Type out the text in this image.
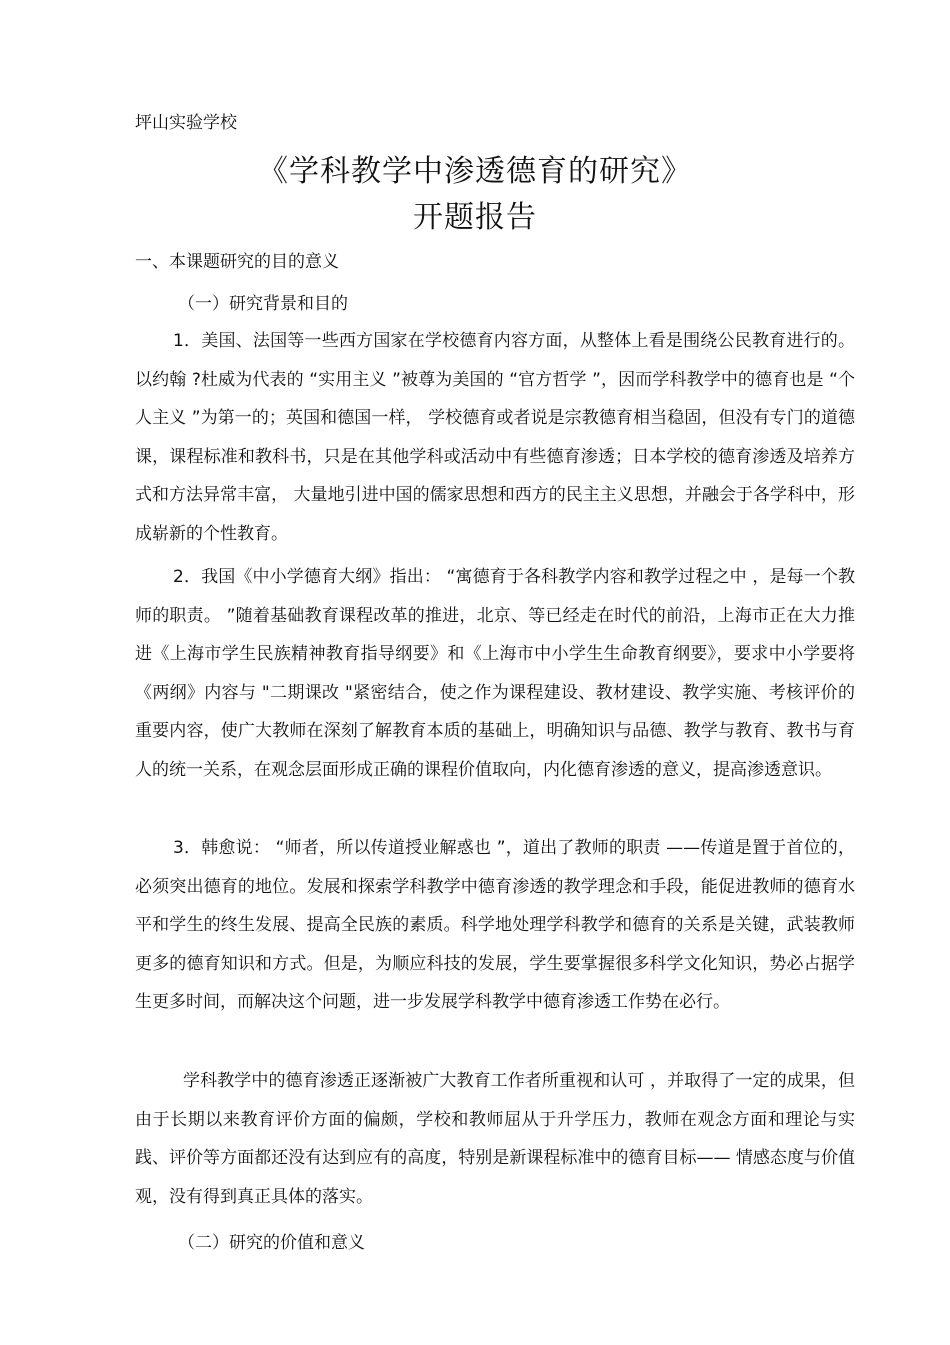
坪山实验学校
《学科教学中渗透德育的研究》
开题报告
一、本课题研究的目的意义
（一）研究背景和目的

1．美国、法国等一些西方国家在学校德育内容方面，从整体上看是围绕公民教育进行的。以约翰 ?杜威为代表的 “实用主义 ”被尊为美国的 “官方哲学 ”，因而学科教学中的德育也是 “个人主义 ”为第一的；英国和德国一样， 学校德育或者说是宗教德育相当稳固，但没有专门的道德课，课程标准和教科书，只是在其他学科或活动中有些德育渗透；日本学校的德育渗透及培养方式和方法异常丰富， 大量地引进中国的儒家思想和西方的民主主义思想，并融会于各学科中，形成崭新的个性教育。

2．我国《中小学德育大纲》指出： “寓德育于各科教学内容和教学过程之中 ，是每一个教师的职责。 ”随着基础教育课程改革的推进，北京、等已经走在时代的前沿，上海市正在大力推进《上海市学生民族精神教育指导纲要》和《上海市中小学生生命教育纲要》，要求中小学要将《两纲》内容与 "二期课改 "紧密结合，使之作为课程建设、教材建设、教学实施、考核评价的重要内容，使广大教师在深刻了解教育本质的基础上，明确知识与品德、教学与教育、教书与育人的统一关系，在观念层面形成正确的课程价值取向，内化德育渗透的意义，提高渗透意识。

3．韩愈说： “师者，所以传道授业解惑也 ”，道出了教师的职责 ——传道是置于首位的，必须突出德育的地位。发展和探索学科教学中德育渗透的教学理念和手段，能促进教师的德育水平和学生的终生发展、提高全民族的素质。科学地处理学科教学和德育的关系是关键，武装教师更多的德育知识和方式。但是，为顺应科技的发展，学生要掌握很多科学文化知识，势必占据学生更多时间，而解决这个问题，进一步发展学科教学中德育渗透工作势在必行。

学科教学中的德育渗透正逐渐被广大教育工作者所重视和认可 ，并取得了一定的成果，但由于长期以来教育评价方面的偏颇，学校和教师屈从于升学压力，教师在观念方面和理论与实践、评价等方面都还没有达到应有的高度，特别是新课程标准中的德育目标—— 情感态度与价值观，没有得到真正具体的落实。

（二）研究的价值和意义
